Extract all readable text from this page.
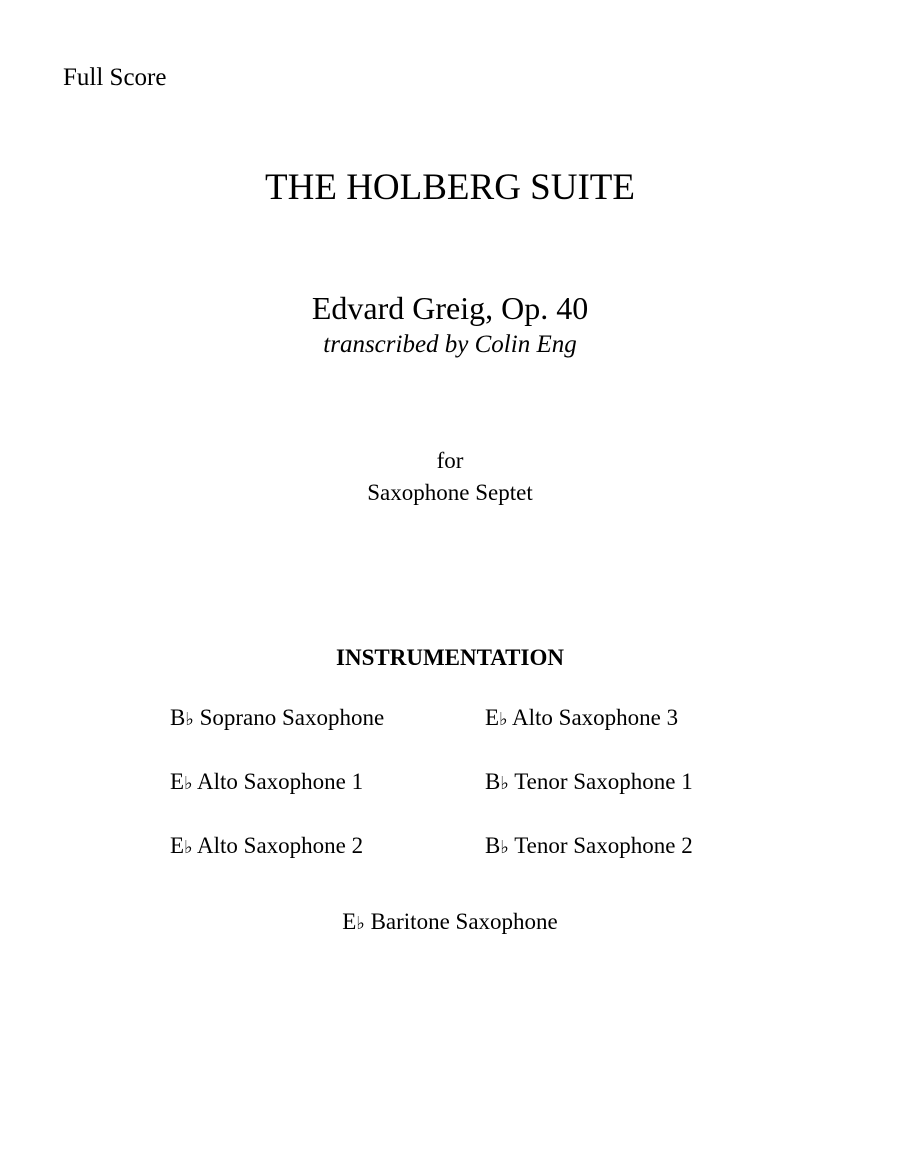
Full Score
THE HOLBERG SUITE
Edvard Greig, Op. 40
transcribed by Colin Eng
for
Saxophone Septet
INSTRUMENTATION
B♭ Soprano Saxophone	E♭ Alto Saxophone 3
E♭ Alto Saxophone 1	B♭ Tenor Saxophone 1
E♭ Alto Saxophone 2	B♭ Tenor Saxophone 2
E♭ Baritone Saxophone
